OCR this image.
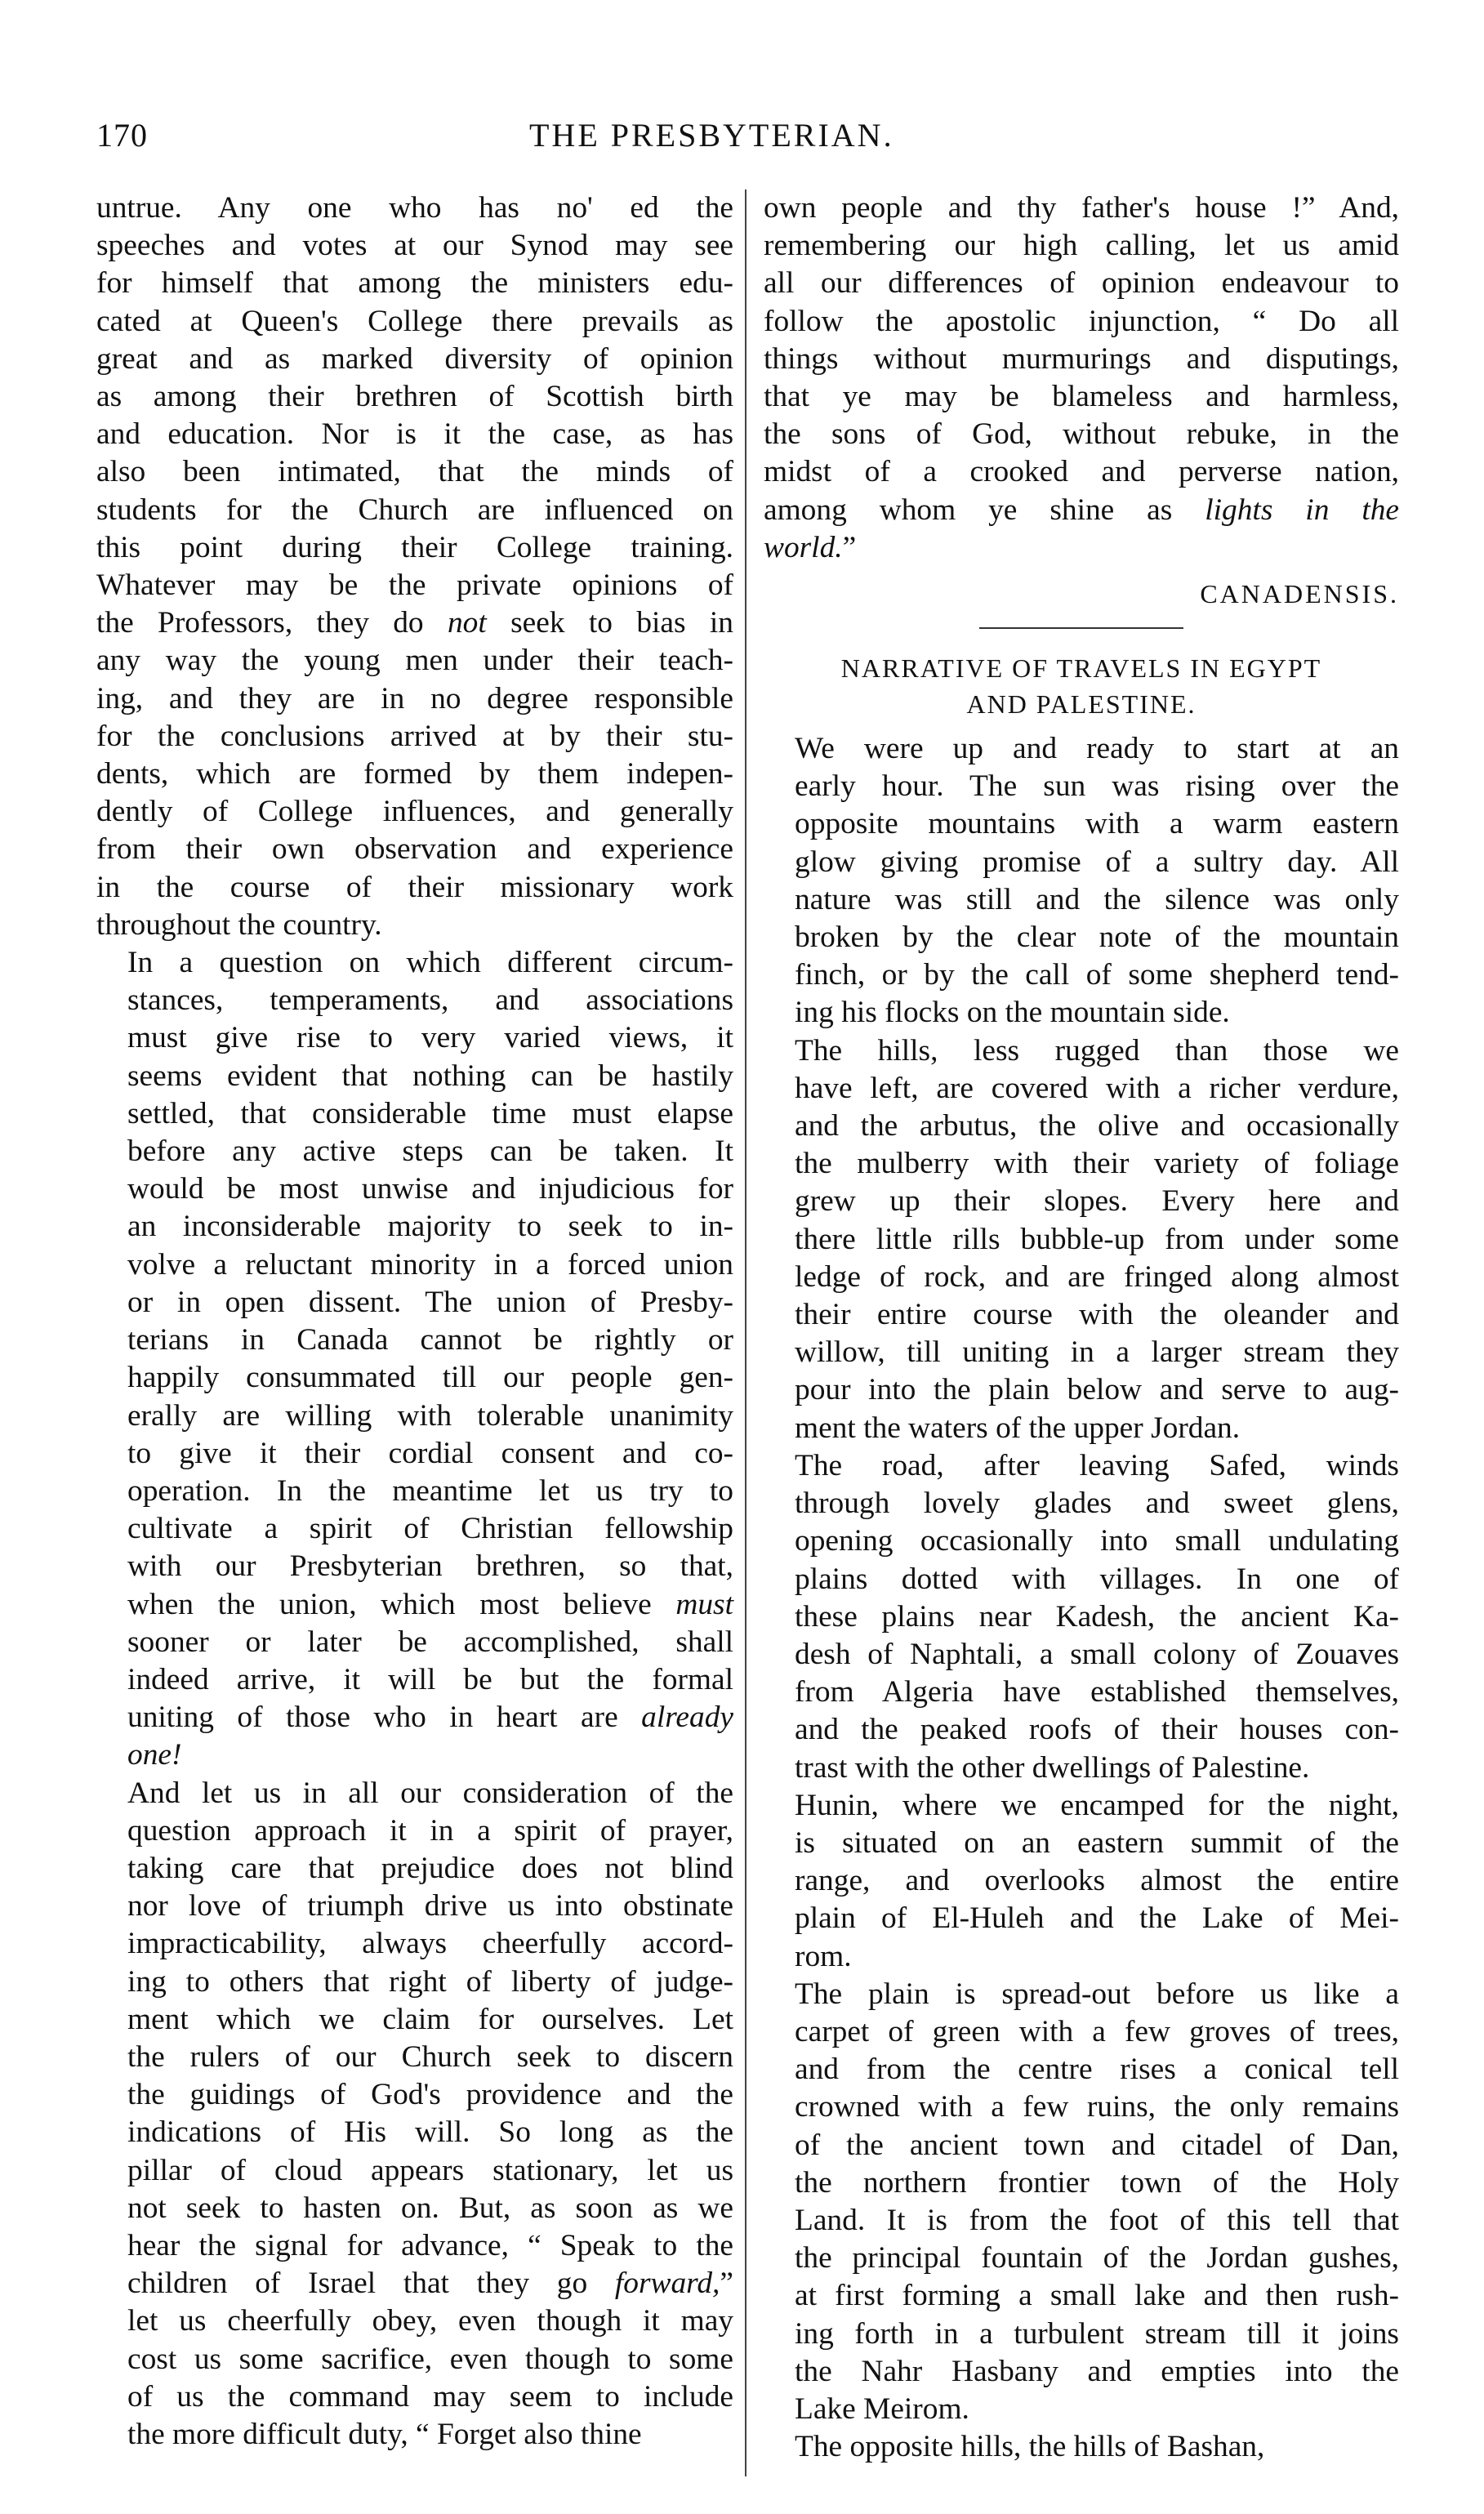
170	THE PRESBYTERIAN.

untrue. Any one who has no' ed the
speeches and votes at our Synod may see
for himself that among the ministers edu-
cated at Queen's College there prevails as
great and as marked diversity of opinion
as among their brethren of Scottish birth
and education. Nor is it the case, as has
also been intimated, that the minds of
students for the Church are influenced on
this point during their College training.
Whatever may be the private opinions of
the Professors, they do not seek to bias in
any way the young men under their teach-
ing, and they are in no degree responsible
for the conclusions arrived at by their stu-
dents, which are formed by them indepen-
dently of College influences, and generally
from their own observation and experience
in the course of their missionary work
throughout the country.

In a question on which different circum-
stances, temperaments, and associations
must give rise to very varied views, it
seems evident that nothing can be hastily
settled, that considerable time must elapse
before any active steps can be taken. It
would be most unwise and injudicious for
an inconsiderable majority to seek to in-
volve a reluctant minority in a forced union
or in open dissent. The union of Presby-
terians in Canada cannot be rightly or
happily consummated till our people gen-
erally are willing with tolerable unanimity
to give it their cordial consent and co-
operation. In the meantime let us try to
cultivate a spirit of Christian fellowship
with our Presbyterian brethren, so that,
when the union, which most believe must
sooner or later be accomplished, shall
indeed arrive, it will be but the formal
uniting of those who in heart are already
one!

And let us in all our consideration of the
question approach it in a spirit of prayer,
taking care that prejudice does not blind
nor love of triumph drive us into obstinate
impracticability, always cheerfully accord-
ing to others that right of liberty of judge-
ment which we claim for ourselves. Let
the rulers of our Church seek to discern
the guidings of God's providence and the
indications of His will. So long as the
pillar of cloud appears stationary, let us
not seek to hasten on. But, as soon as we
hear the signal for advance, “ Speak to the
children of Israel that they go forward,”
let us cheerfully obey, even though it may
cost us some sacrifice, even though to some
of us the command may seem to include
the more difficult duty, “ Forget also thine

own people and thy father's house !” And,
remembering our high calling, let us amid
all our differences of opinion endeavour to
follow the apostolic injunction, “ Do all
things without murmurings and disputings,
that ye may be blameless and harmless,
the sons of God, without rebuke, in the
midst of a crooked and perverse nation,
among whom ye shine as lights in the
world.”

CANADENSIS.
NARRATIVE OF TRAVELS IN EGYPT
AND PALESTINE.

We were up and ready to start at an
early hour. The sun was rising over the
opposite mountains with a warm eastern
glow giving promise of a sultry day. All
nature was still and the silence was only
broken by the clear note of the mountain
finch, or by the call of some shepherd tend-
ing his flocks on the mountain side.

The hills, less rugged than those we
have left, are covered with a richer verdure,
and the arbutus, the olive and occasionally
the mulberry with their variety of foliage
grew up their slopes. Every here and
there little rills bubble-up from under some
ledge of rock, and are fringed along almost
their entire course with the oleander and
willow, till uniting in a larger stream they
pour into the plain below and serve to aug-
ment the waters of the upper Jordan.

The road, after leaving Safed, winds
through lovely glades and sweet glens,
opening occasionally into small undulating
plains dotted with villages. In one of
these plains near Kadesh, the ancient Ka-
desh of Naphtali, a small colony of Zouaves
from Algeria have established themselves,
and the peaked roofs of their houses con-
trast with the other dwellings of Palestine.

Hunin, where we encamped for the night,
is situated on an eastern summit of the
range, and overlooks almost the entire
plain of El-Huleh and the Lake of Mei-
rom.

The plain is spread-out before us like a
carpet of green with a few groves of trees,
and from the centre rises a conical tell
crowned with a few ruins, the only remains
of the ancient town and citadel of Dan,
the northern frontier town of the Holy
Land. It is from the foot of this tell that
the principal fountain of the Jordan gushes,
at first forming a small lake and then rush-
ing forth in a turbulent stream till it joins
the Nahr Hasbany and empties into the
Lake Meirom.

The opposite hills, the hills of Bashan,
